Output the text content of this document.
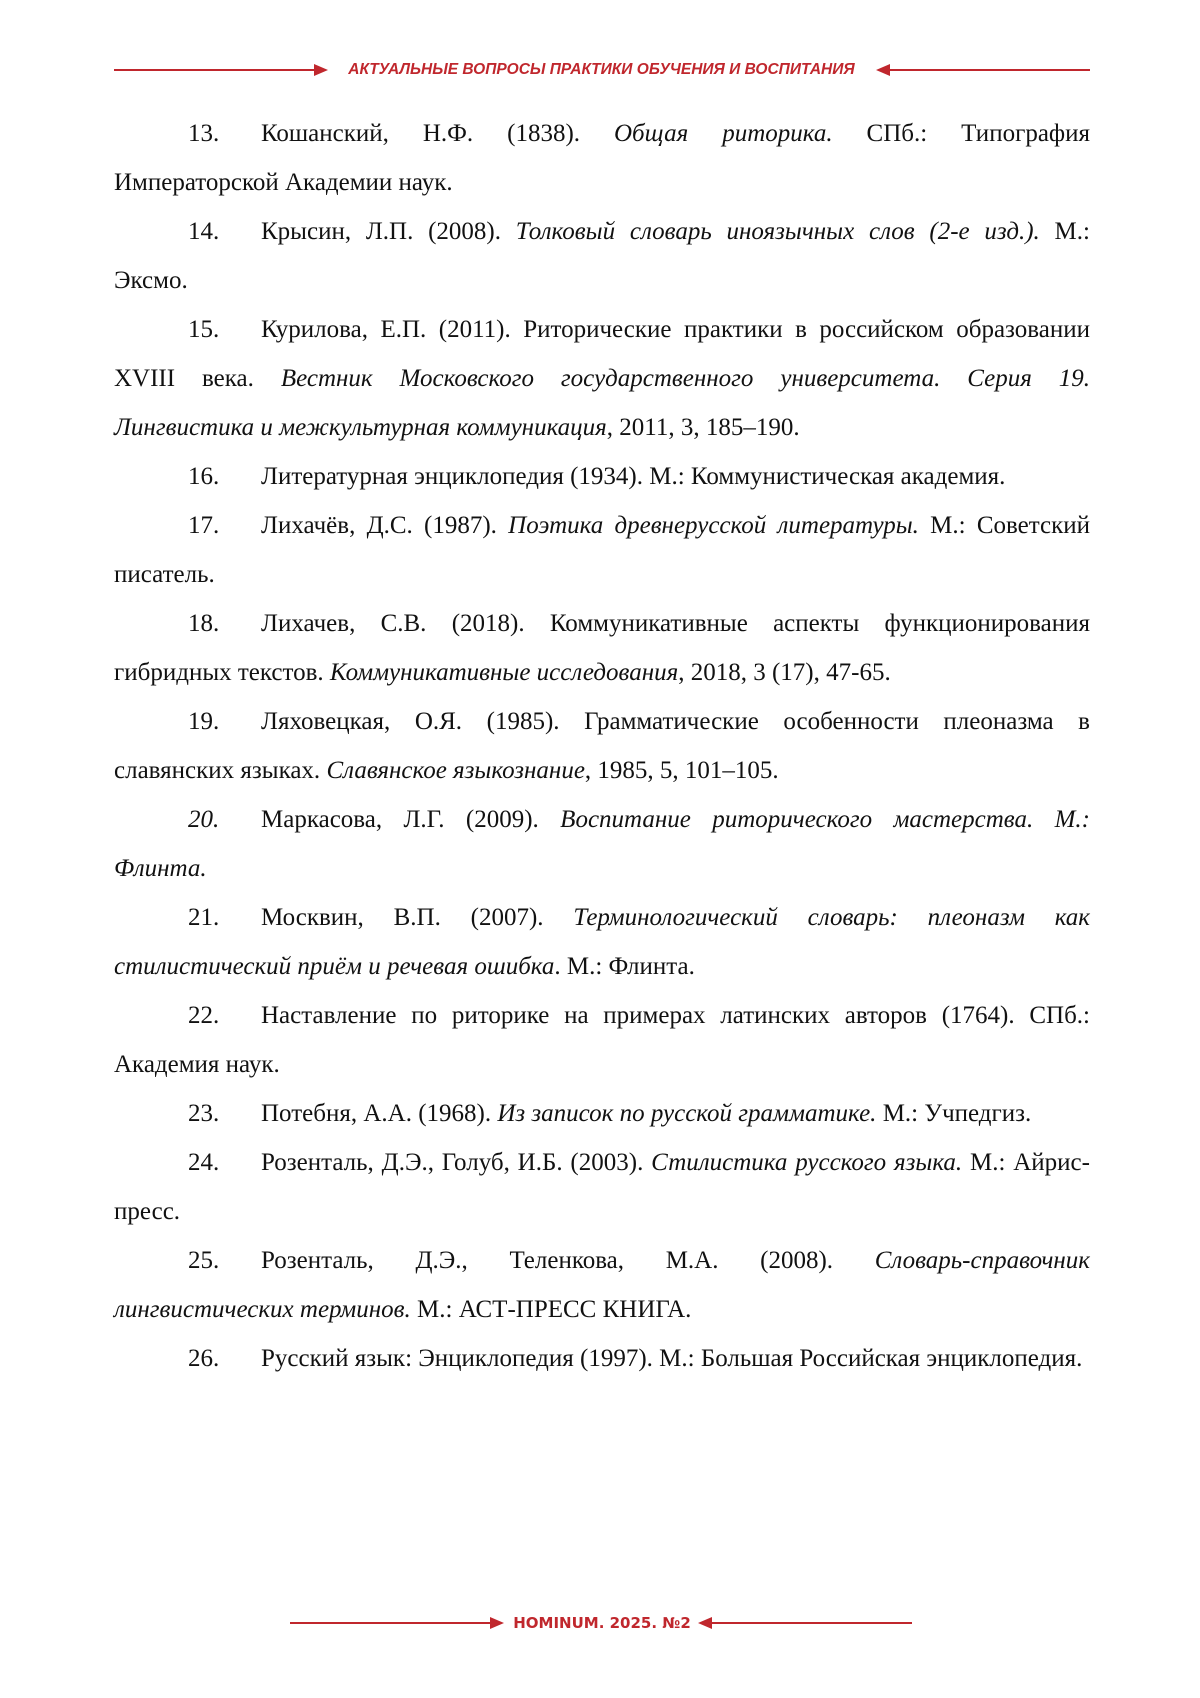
АКТУАЛЬНЫЕ ВОПРОСЫ ПРАКТИКИ ОБУЧЕНИЯ И ВОСПИТАНИЯ

13. Кошанский, Н.Ф. (1838). Общая риторика. СПб.: Типография Императорской Академии наук.

14. Крысин, Л.П. (2008). Толковый словарь иноязычных слов (2-е изд.). М.: Эксмо.

15. Курилова, Е.П. (2011). Риторические практики в российском образовании XVIII века. Вестник Московского государственного университета. Серия 19. Лингвистика и межкультурная коммуникация, 2011, 3, 185–190.

16. Литературная энциклопедия (1934). М.: Коммунистическая академия.

17. Лихачёв, Д.С. (1987). Поэтика древнерусской литературы. М.: Советский писатель.

18. Лихачев, С.В. (2018). Коммуникативные аспекты функционирования гибридных текстов. Коммуникативные исследования, 2018, 3 (17), 47-65.

19. Ляховецкая, О.Я. (1985). Грамматические особенности плеоназма в славянских языках. Славянское языкознание, 1985, 5, 101–105.

20. Маркасова, Л.Г. (2009). Воспитание риторического мастерства. М.: Флинта.

21. Москвин, В.П. (2007). Терминологический словарь: плеоназм как стилистический приём и речевая ошибка. М.: Флинта.

22. Наставление по риторике на примерах латинских авторов (1764). СПб.: Академия наук.

23. Потебня, А.А. (1968). Из записок по русской грамматике. М.: Учпедгиз.

24. Розенталь, Д.Э., Голуб, И.Б. (2003). Стилистика русского языка. М.: Айрис-пресс.

25. Розенталь, Д.Э., Теленкова, М.А. (2008). Словарь-справочник лингвистических терминов. М.: АСТ-ПРЕСС КНИГА.

26. Русский язык: Энциклопедия (1997). М.: Большая Российская энциклопедия.

HOMINUM. 2025. №2
